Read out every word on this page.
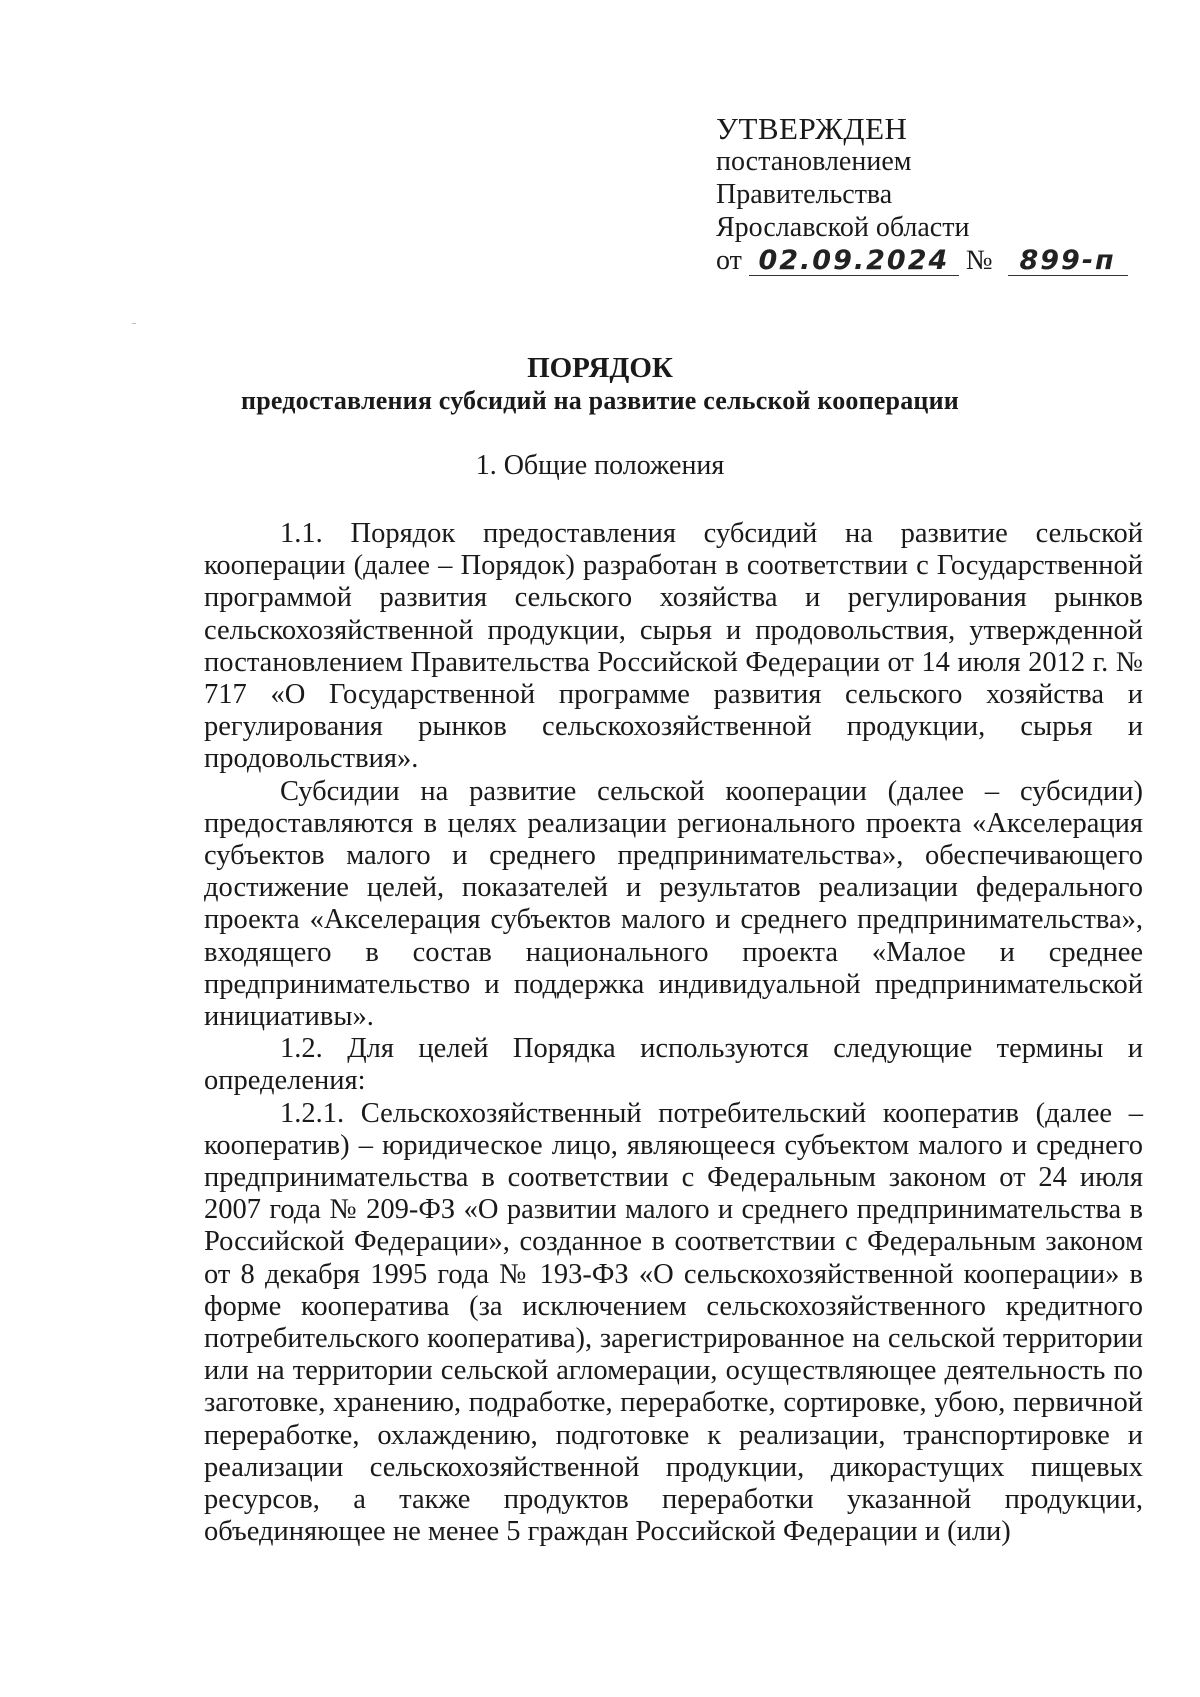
УТВЕРЖДЕН
постановлением
Правительства
Ярославской области
от 02.09.2024 № 899-п
ПОРЯДОК
предоставления субсидий на развитие сельской кооперации
1. Общие положения

1.1. Порядок предоставления субсидий на развитие сельской кооперации (далее – Порядок) разработан в соответствии с Государственной программой развития сельского хозяйства и регулирования рынков сельскохозяйственной продукции, сырья и продовольствия, утвержденной постановлением Правительства Российской Федерации от 14 июля 2012 г. № 717 «О Государственной программе развития сельского хозяйства и регулирования рынков сельскохозяйственной продукции, сырья и продовольствия».

Субсидии на развитие сельской кооперации (далее – субсидии) предоставляются в целях реализации регионального проекта «Акселерация субъектов малого и среднего предпринимательства», обеспечивающего достижение целей, показателей и результатов реализации федерального проекта «Акселерация субъектов малого и среднего предпринимательства», входящего в состав национального проекта «Малое и среднее предпринимательство и поддержка индивидуальной предпринимательской инициативы».

1.2. Для целей Порядка используются следующие термины и определения:

1.2.1. Сельскохозяйственный потребительский кооператив (далее – кооператив) – юридическое лицо, являющееся субъектом малого и среднего предпринимательства в соответствии с Федеральным законом от 24 июля 2007 года № 209-ФЗ «О развитии малого и среднего предпринимательства в Российской Федерации», созданное в соответствии с Федеральным законом от 8 декабря 1995 года № 193-ФЗ «О сельскохозяйственной кооперации» в форме кооператива (за исключением сельскохозяйственного кредитного потребительского кооператива), зарегистрированное на сельской территории или на территории сельской агломерации, осуществляющее деятельность по заготовке, хранению, подработке, переработке, сортировке, убою, первичной переработке, охлаждению, подготовке к реализации, транспортировке и реализации сельскохозяйственной продукции, дикорастущих пищевых ресурсов, а также продуктов переработки указанной продукции, объединяющее не менее 5 граждан Российской Федерации и (или)
